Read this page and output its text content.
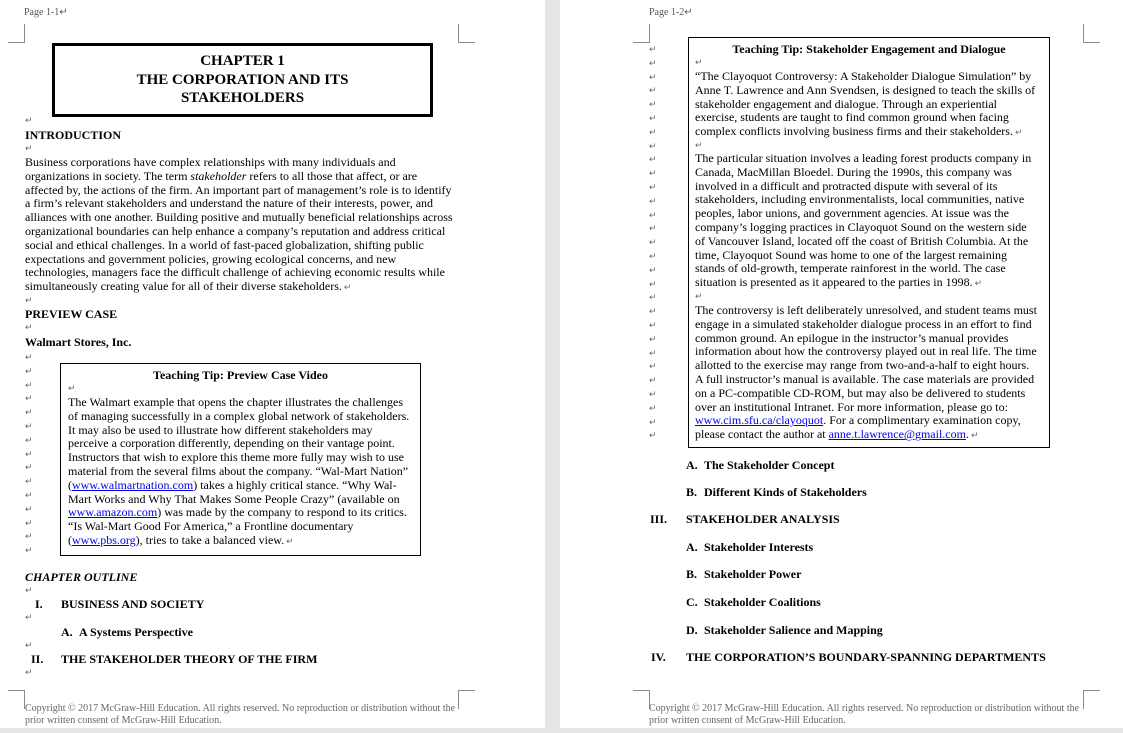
Page 1-1↵
CHAPTER 1
THE CORPORATION AND ITS
STAKEHOLDERS
↵
INTRODUCTION
↵
Business corporations have complex relationships with many individuals and
organizations in society. The term stakeholder refers to all those that affect, or are
affected by, the actions of the firm. An important part of management’s role is to identify
a firm’s relevant stakeholders and understand the nature of their interests, power, and
alliances with one another. Building positive and mutually beneficial relationships across
organizational boundaries can help enhance a company’s reputation and address critical
social and ethical challenges. In a world of fast-paced globalization, shifting public
expectations and government policies, growing ecological concerns, and new
technologies, managers face the difficult challenge of achieving economic results while
simultaneously creating value for all of their diverse stakeholders. ↵
↵
PREVIEW CASE
↵
Walmart Stores, Inc.
↵
↵
↵
↵
↵
↵
↵
↵
↵
↵
↵
↵
↵
↵
↵
Teaching Tip: Preview Case Video
↵
The Walmart example that opens the chapter illustrates the challenges
of managing successfully in a complex global network of stakeholders.
It may also be used to illustrate how different stakeholders may
perceive a corporation differently, depending on their vantage point.
Instructors that wish to explore this theme more fully may wish to use
material from the several films about the company. “Wal-Mart Nation”
(www.walmartnation.com) takes a highly critical stance. “Why Wal-
Mart Works and Why That Makes Some People Crazy” (available on
www.amazon.com) was made by the company to respond to its critics.
“Is Wal-Mart Good For America,” a Frontline documentary
(www.pbs.org), tries to take a balanced view. ↵
CHAPTER OUTLINE
↵
I. BUSINESS AND SOCIETY
↵
A. A Systems Perspective
↵
II. THE STAKEHOLDER THEORY OF THE FIRM
↵
Copyright © 2017 McGraw-Hill Education. All rights reserved. No reproduction or distribution without the
prior written consent of McGraw-Hill Education.
Page 1-2↵
↵
↵
↵
↵
↵
↵
↵
↵
↵
↵
↵
↵
↵
↵
↵
↵
↵
↵
↵
↵
↵
↵
↵
↵
↵
↵
↵
↵
↵
Teaching Tip: Stakeholder Engagement and Dialogue
↵
“The Clayoquot Controversy: A Stakeholder Dialogue Simulation” by
Anne T. Lawrence and Ann Svendsen, is designed to teach the skills of
stakeholder engagement and dialogue. Through an experiential
exercise, students are taught to find common ground when facing
complex conflicts involving business firms and their stakeholders. ↵
↵
The particular situation involves a leading forest products company in
Canada, MacMillan Bloedel. During the 1990s, this company was
involved in a difficult and protracted dispute with several of its
stakeholders, including environmentalists, local communities, native
peoples, labor unions, and government agencies. At issue was the
company’s logging practices in Clayoquot Sound on the western side
of Vancouver Island, located off the coast of British Columbia. At the
time, Clayoquot Sound was home to one of the largest remaining
stands of old-growth, temperate rainforest in the world. The case
situation is presented as it appeared to the parties in 1998. ↵
↵
The controversy is left deliberately unresolved, and student teams must
engage in a simulated stakeholder dialogue process in an effort to find
common ground. An epilogue in the instructor’s manual provides
information about how the controversy played out in real life. The time
allotted to the exercise may range from two-and-a-half to eight hours.
A full instructor’s manual is available. The case materials are provided
on a PC-compatible CD-ROM, but may also be delivered to students
over an institutional Intranet. For more information, please go to:
www.cim.sfu.ca/clayoquot. For a complimentary examination copy,
please contact the author at anne.t.lawrence@gmail.com. ↵
A. The Stakeholder Concept
B. Different Kinds of Stakeholders
III. STAKEHOLDER ANALYSIS
A. Stakeholder Interests
B. Stakeholder Power
C. Stakeholder Coalitions
D. Stakeholder Salience and Mapping
IV. THE CORPORATION’S BOUNDARY-SPANNING DEPARTMENTS
Copyright © 2017 McGraw-Hill Education. All rights reserved. No reproduction or distribution without the
prior written consent of McGraw-Hill Education.
